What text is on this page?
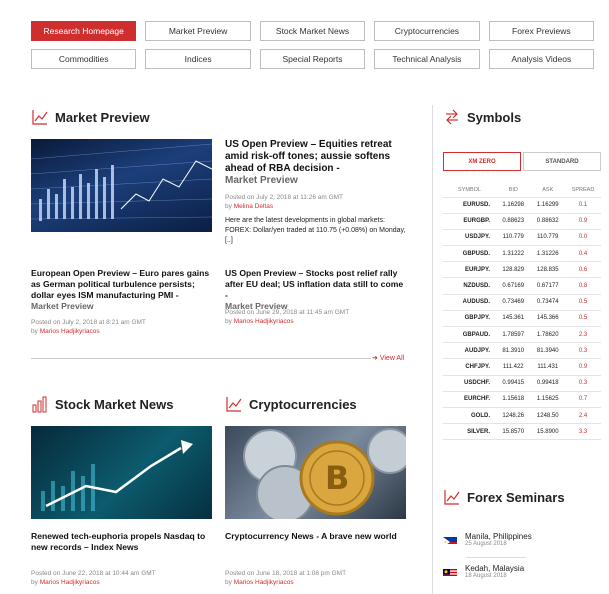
Research Homepage	Market Preview	Stock Market News	Cryptocurrencies	Forex Previews
Commodities	Indices	Special Reports	Technical Analysis	Analysis Videos
Market Preview
US Open Preview – Equities retreat amid risk-off tones; aussie softens ahead of RBA decision -
Market Preview
Posted on July 2, 2018 at 11:26 am GMT
by Melina Deltas
Here are the latest developments in global markets: FOREX: Dollar/yen traded at 110.75 (+0.08%) on Monday, [..]
European Open Preview – Euro pares gains as German political turbulence persists; dollar eyes ISM manufacturing PMI -
Market Preview
Posted on July 2, 2018 at 8:21 am GMT
by Marios Hadjikyriacos
US Open Preview – Stocks post relief rally after EU deal; US inflation data still to come -
Market Preview
Posted on June 29, 2018 at 11:45 am GMT
by Marios Hadjikyriacos
➜ View All
Stock Market News
Renewed tech-euphoria propels Nasdaq to new records – Index News
Posted on June 22, 2018 at 10:44 am GMT
by Marios Hadjikyriacos
Cryptocurrencies
B
Cryptocurrency News - A brave new world
Posted on June 18, 2018 at 1:08 pm GMT
by Marios Hadjikyriacos
Symbols
XM ZERO	STANDARD
SYMBOL	BID	ASK	SPREAD
EURUSD.	1.16298	1.16299	0.1
EURGBP.	0.88623	0.88632	0.9
USDJPY.	110.779	110.779	0.0
GBPUSD.	1.31222	1.31226	0.4
EURJPY.	128.829	128.835	0.6
NZDUSD.	0.67169	0.67177	0.8
AUDUSD.	0.73469	0.73474	0.5
GBPJPY.	145.361	145.366	0.5
GBPAUD.	1.78597	1.78620	2.3
AUDJPY.	81.3910	81.3940	0.3
CHFJPY.	111.422	111.431	0.9
USDCHF.	0.99415	0.99418	0.3
EURCHF.	1.15618	1.15625	0.7
GOLD.	1248.26	1248.50	2.4
SILVER.	15.8570	15.8900	3.3
Forex Seminars
Manila, Philippines
25 August 2018
Kedah, Malaysia
18 August 2018
